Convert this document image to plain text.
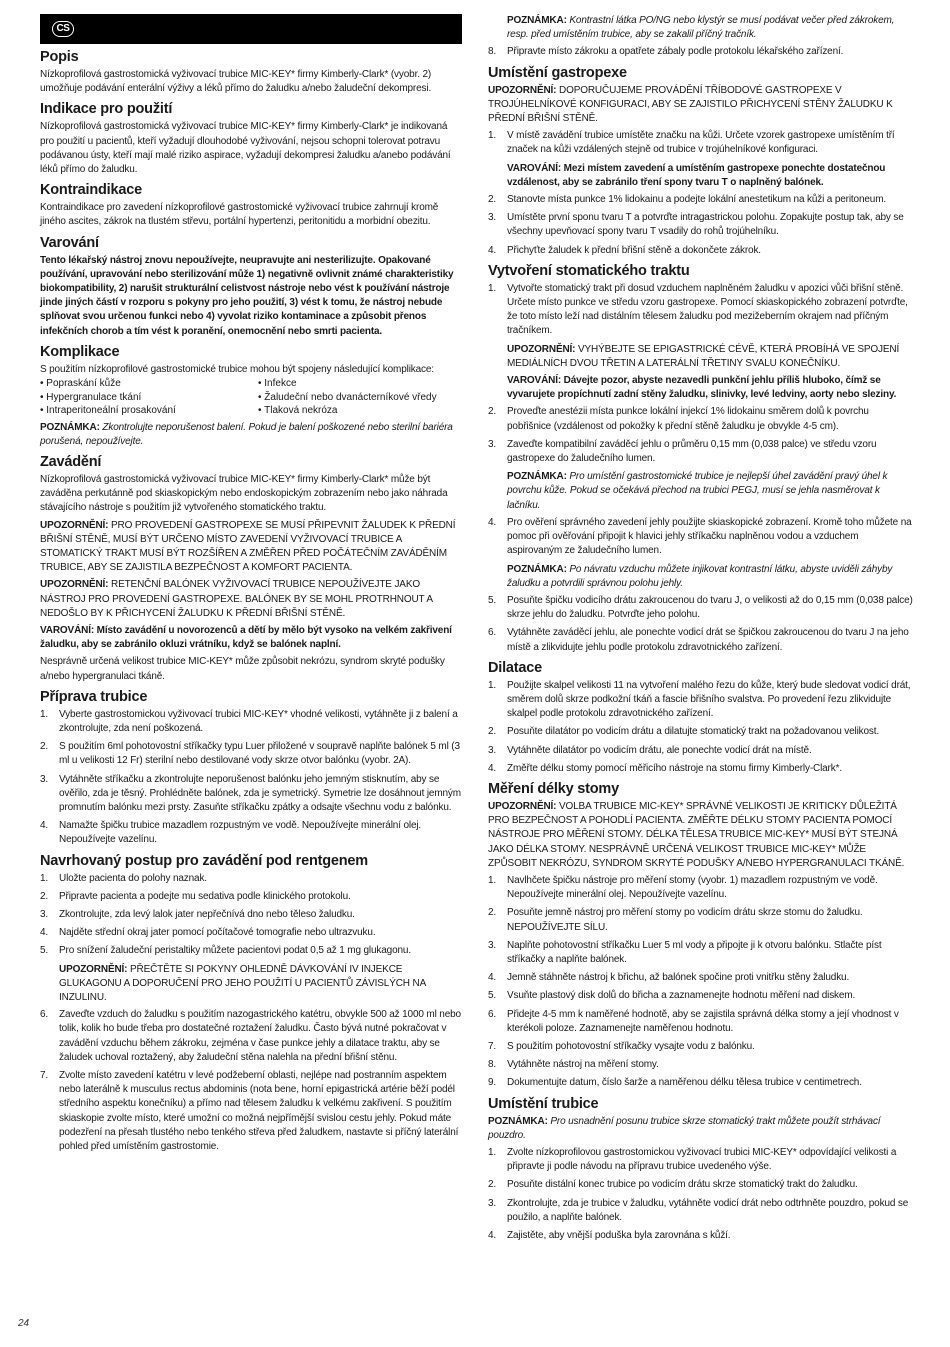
CS
Popis

Nízkoprofilová gastrostomická vyživovací trubice MIC-KEY* firmy Kimberly-Clark* (vyobr. 2) umožňuje podávání enterální výživy a léků přímo do žaludku a/nebo žaludeční dekompresi.

Indikace pro použití

Nízkoprofilová gastrostomická vyživovací trubice MIC-KEY* firmy Kimberly-Clark* je indikovaná pro použití u pacientů, kteří vyžadují dlouhodobé vyživování, nejsou schopni tolerovat potravu podávanou ústy, kteří mají malé riziko aspirace, vyžadují dekompresi žaludku a/anebo podávání léků přímo do žaludku.

Kontraindikace

Kontraindikace pro zavedení nízkoprofilové gastrostomické vyživovací trubice zahrnují kromě jiného ascites, zákrok na tlustém střevu, portální hypertenzi, peritonitidu a morbidní obezitu.

Varování

Tento lékařský nástroj znovu nepoužívejte, neupravujte ani nesterilizujte. Opakované používání, upravování nebo sterilizování může 1) negativně ovlivnit známé charakteristiky biokompatibility, 2) narušit strukturální celistvost nástroje nebo vést k používání nástroje jinde jiných částí v rozporu s pokyny pro jeho použití, 3) vést k tomu, že nástroj nebude splňovat svou určenou funkci nebo 4) vyvolat riziko kontaminace a způsobit přenos infekčních chorob a tím vést k poranění, onemocnění nebo smrti pacienta.

Komplikace

S použitím nízkoprofilové gastrostomické trubice mohou být spojeny následující komplikace:

• Popraskání kůže	• Infekce
• Hypergranulace tkání	• Žaludeční nebo dvanácterníkové vředy
• Intraperitoneální prosakování	• Tlaková nekróza

POZNÁMKA: Zkontrolujte neporušenost balení. Pokud je balení poškozené nebo sterilní bariéra porušená, nepoužívejte.

Zavádění

Nízkoprofilová gastrostomická vyživovací trubice MIC-KEY* firmy Kimberly-Clark* může být zaváděna perkutánně pod skiaskopickým nebo endoskopickým zobrazením nebo jako náhrada stávajícího nástroje s použitím již vytvořeného stomatického traktu.

UPOZORNĚNÍ: PRO PROVEDENÍ GASTROPEXE SE MUSÍ PŘIPEVNIT ŽALUDEK K PŘEDNÍ BŘIŠNÍ STĚNĚ, MUSÍ BÝT URČENO MÍSTO ZAVEDENÍ VYŽIVOVACÍ TRUBICE A STOMATICKÝ TRAKT MUSÍ BÝT ROZŠÍŘEN A ZMĚŘEN PŘED POČÁTEČNÍM ZAVÁDĚNÍM TRUBICE, ABY SE ZAJISTILA BEZPEČNOST A KOMFORT PACIENTA.

UPOZORNĚNÍ: RETENČNÍ BALÓNEK VYŽIVOVACÍ TRUBICE NEPOUŽÍVEJTE JAKO NÁSTROJ PRO PROVEDENÍ GASTROPEXE. BALÓNEK BY SE MOHL PROTRHNOUT A NEDOŠLO BY K PŘICHYCENÍ ŽALUDKU K PŘEDNÍ BŘIŠNÍ STĚNĚ.

VAROVÁNÍ: Místo zavádění u novorozenců a dětí by mělo být vysoko na velkém zakřivení žaludku, aby se zabránilo okluzi vrátníku, když se balónek naplní.

Nesprávně určená velikost trubice MIC-KEY* může způsobit nekrózu, syndrom skryté podušky a/nebo hypergranulaci tkáně.

Příprava trubice
1. Vyberte gastrostomickou vyživovací trubici MIC-KEY* vhodné velikosti, vytáhněte ji z balení a zkontrolujte, zda není poškozená.
2. S použitím 6ml pohotovostní stříkačky typu Luer přiložené v soupravě naplňte balónek 5 ml (3 ml u velikosti 12 Fr) sterilní nebo destilované vody skrze otvor balónku (vyobr. 2A).
3. Vytáhněte stříkačku a zkontrolujte neporušenost balónku jeho jemným stisknutím, aby se ověřilo, zda je těsný. Prohlédněte balónek, zda je symetrický. Symetrie lze dosáhnout jemným promnutím balónku mezi prsty. Zasuňte stříkačku zpátky a odsajte všechnu vodu z balónku.
4. Namažte špičku trubice mazadlem rozpustným ve vodě. Nepoužívejte minerální olej. Nepoužívejte vazelínu.
Navrhovaný postup pro zavádění pod rentgenem
1. Uložte pacienta do polohy naznak.
2. Připravte pacienta a podejte mu sedativa podle klinického protokolu.
3. Zkontrolujte, zda levý lalok jater nepřečnívá dno nebo těleso žaludku.
4. Najděte střední okraj jater pomocí počítačové tomografie nebo ultrazvuku.
5. Pro snížení žaludeční peristaltiky můžete pacientovi podat 0,5 až 1 mg glukagonu.

UPOZORNĚNÍ: PŘEČTĚTE SI POKYNY OHLEDNĚ DÁVKOVÁNÍ IV INJEKCE GLUKAGONU A DOPORUČENÍ PRO JEHO POUŽITÍ U PACIENTŮ ZÁVISLÝCH NA INZULINU.

6. Zaveďte vzduch do žaludku s použitím nazogastrického katétru, obvykle 500 až 1000 ml nebo tolik, kolik ho bude třeba pro dostatečné roztažení žaludku. Často bývá nutné pokračovat v zavádění vzduchu během zákroku, zejména v čase punkce jehly a dilatace traktu, aby se žaludek uchoval roztažený, aby žaludeční stěna nalehla na přední břišní stěnu.
7. Zvolte místo zavedení katétru v levé podžeberní oblasti, nejlépe nad postranním aspektem nebo laterálně k musculus rectus abdominis (nota bene, horní epigastrická artérie běží podél středního aspektu konečníku) a přímo nad tělesem žaludku k velkému zakřivení. S použitím skiaskopie zvolte místo, které umožní co možná nejpřímější svislou cestu jehly. Pokud máte podezření na přesah tlustého nebo tenkého střeva před žaludkem, nastavte si příčný laterální pohled před umístěním gastrostomie.

POZNÁMKA: Kontrastní látka PO/NG nebo klystýr se musí podávat večer před zákrokem, resp. před umístěním trubice, aby se zakalil příčný tračník.

8. Připravte místo zákroku a opatřete zábaly podle protokolu lékařského zařízení.
Umístění gastropexe

UPOZORNĚNÍ: DOPORUČUJEME PROVÁDĚNÍ TŘÍBODOVÉ GASTROPEXE V TROJÚHELNÍKOVÉ KONFIGURACI, ABY SE ZAJISTILO PŘICHYCENÍ STĚNY ŽALUDKU K PŘEDNÍ BŘIŠNÍ STĚNĚ.

1. V místě zavádění trubice umístěte značku na kůži. Určete vzorek gastropexe umístěním tří značek na kůži vzdálených stejně od trubice v trojúhelníkové konfiguraci.

VAROVÁNÍ: Mezi místem zavedení a umístěním gastropexe ponechte dostatečnou vzdálenost, aby se zabránilo tření spony tvaru T o naplněný balónek.

2. Stanovte místa punkce 1% lidokainu a podejte lokální anestetikum na kůži a peritoneum.
3. Umístěte první sponu tvaru T a potvrďte intragastrickou polohu. Zopakujte postup tak, aby se všechny upevňovací spony tvaru T vsadily do rohů trojúhelníku.
4. Přichyťte žaludek k přední břišní stěně a dokončete zákrok.
Vytvoření stomatického traktu
1. Vytvořte stomatický trakt při dosud vzduchem naplněném žaludku v apozici vůči břišní stěně. Určete místo punkce ve středu vzoru gastropexe. Pomocí skiaskopického zobrazení potvrďte, že toto místo leží nad distálním tělesem žaludku pod mezižeberním okrajem nad příčným tračníkem.

UPOZORNĚNÍ: VYHÝBEJTE SE EPIGASTRICKÉ CÉVĚ, KTERÁ PROBÍHÁ VE SPOJENÍ MEDIÁLNÍCH DVOU TŘETIN A LATERÁLNÍ TŘETINY SVALU KONEČNÍKU.

VAROVÁNÍ: Dávejte pozor, abyste nezavedli punkční jehlu příliš hluboko, čímž se vyvarujete propíchnutí zadní stěny žaludku, slinivky, levé ledviny, aorty nebo sleziny.

2. Proveďte anestézii místa punkce lokální injekcí 1% lidokainu směrem dolů k povrchu pobřišnice (vzdálenost od pokožky k přední stěně žaludku je obvykle 4-5 cm).
3. Zaveďte kompatibilní zaváděcí jehlu o průměru 0,15 mm (0,038 palce) ve středu vzoru gastropexe do žaludečního lumen.

POZNÁMKA: Pro umístění gastrostomické trubice je nejlepší úhel zavádění pravý úhel k povrchu kůže. Pokud se očekává přechod na trubici PEGJ, musí se jehla nasměrovat k lačníku.

4. Pro ověření správného zavedení jehly použijte skiaskopické zobrazení. Kromě toho můžete na pomoc při ověřování připojit k hlavici jehly stříkačku naplněnou vodou a vzduchem aspirovaným ze žaludečního lumen.

POZNÁMKA: Po návratu vzduchu můžete injikovat kontrastní látku, abyste uviděli záhyby žaludku a potvrdili správnou polohu jehly.

5. Posuňte špičku vodicího drátu zakroucenou do tvaru J, o velikosti až do 0,15 mm (0,038 palce) skrze jehlu do žaludku. Potvrďte jeho polohu.
6. Vytáhněte zaváděcí jehlu, ale ponechte vodicí drát se špičkou zakroucenou do tvaru J na jeho místě a zlikvidujte jehlu podle protokolu zdravotnického zařízení.
Dilatace
1. Použijte skalpel velikosti 11 na vytvoření malého řezu do kůže, který bude sledovat vodicí drát, směrem dolů skrze podkožní tkáň a fascie břišního svalstva. Po provedení řezu zlikvidujte skalpel podle protokolu zdravotnického zařízení.
2. Posuňte dilatátor po vodicím drátu a dilatujte stomatický trakt na požadovanou velikost.
3. Vytáhněte dilatátor po vodicím drátu, ale ponechte vodicí drát na místě.
4. Změřte délku stomy pomocí měřicího nástroje na stomu firmy Kimberly-Clark*.
Měření délky stomy

UPOZORNĚNÍ: VOLBA TRUBICE MIC-KEY* SPRÁVNÉ VELIKOSTI JE KRITICKY DŮLEŽITÁ PRO BEZPEČNOST A POHODLÍ PACIENTA. ZMĚŘTE DÉLKU STOMY PACIENTA POMOCÍ NÁSTROJE PRO MĚŘENÍ STOMY. DÉLKA TĚLESA TRUBICE MIC-KEY* MUSÍ BÝT STEJNÁ JAKO DÉLKA STOMY. NESPRÁVNĚ URČENÁ VELIKOST TRUBICE MIC-KEY* MŮŽE ZPŮSOBIT NEKRÓZU, SYNDROM SKRYTÉ PODUŠKY A/NEBO HYPERGRANULACI TKÁNĚ.

1. Navlhčete špičku nástroje pro měření stomy (vyobr. 1) mazadlem rozpustným ve vodě. Nepoužívejte minerální olej. Nepoužívejte vazelínu.
2. Posuňte jemně nástroj pro měření stomy po vodicím drátu skrze stomu do žaludku. NEPOUŽÍVEJTE SÍLU.
3. Naplňte pohotovostní stříkačku Luer 5 ml vody a připojte ji k otvoru balónku. Stlačte píst stříkačky a naplňte balónek.
4. Jemně stáhněte nástroj k břichu, až balónek spočine proti vnitřku stěny žaludku.
5. Vsuňte plastový disk dolů do břicha a zaznamenejte hodnotu měření nad diskem.
6. Přidejte 4-5 mm k naměřené hodnotě, aby se zajistila správná délka stomy a její vhodnost v kterékoli poloze. Zaznamenejte naměřenou hodnotu.
7. S použitím pohotovostní stříkačky vysajte vodu z balónku.
8. Vytáhněte nástroj na měření stomy.
9. Dokumentujte datum, číslo šarže a naměřenou délku tělesa trubice v centimetrech.
Umístění trubice

POZNÁMKA: Pro usnadnění posunu trubice skrze stomatický trakt můžete použít strhávací pouzdro.

1. Zvolte nízkoprofilovou gastrostomickou vyživovací trubici MIC-KEY* odpovídající velikosti a připravte ji podle návodu na přípravu trubice uvedeného výše.
2. Posuňte distální konec trubice po vodicím drátu skrze stomatický trakt do žaludku.
3. Zkontrolujte, zda je trubice v žaludku, vytáhněte vodicí drát nebo odtrhněte pouzdro, pokud se použilo, a naplňte balónek.
4. Zajistěte, aby vnější poduška byla zarovnána s kůží.
24
